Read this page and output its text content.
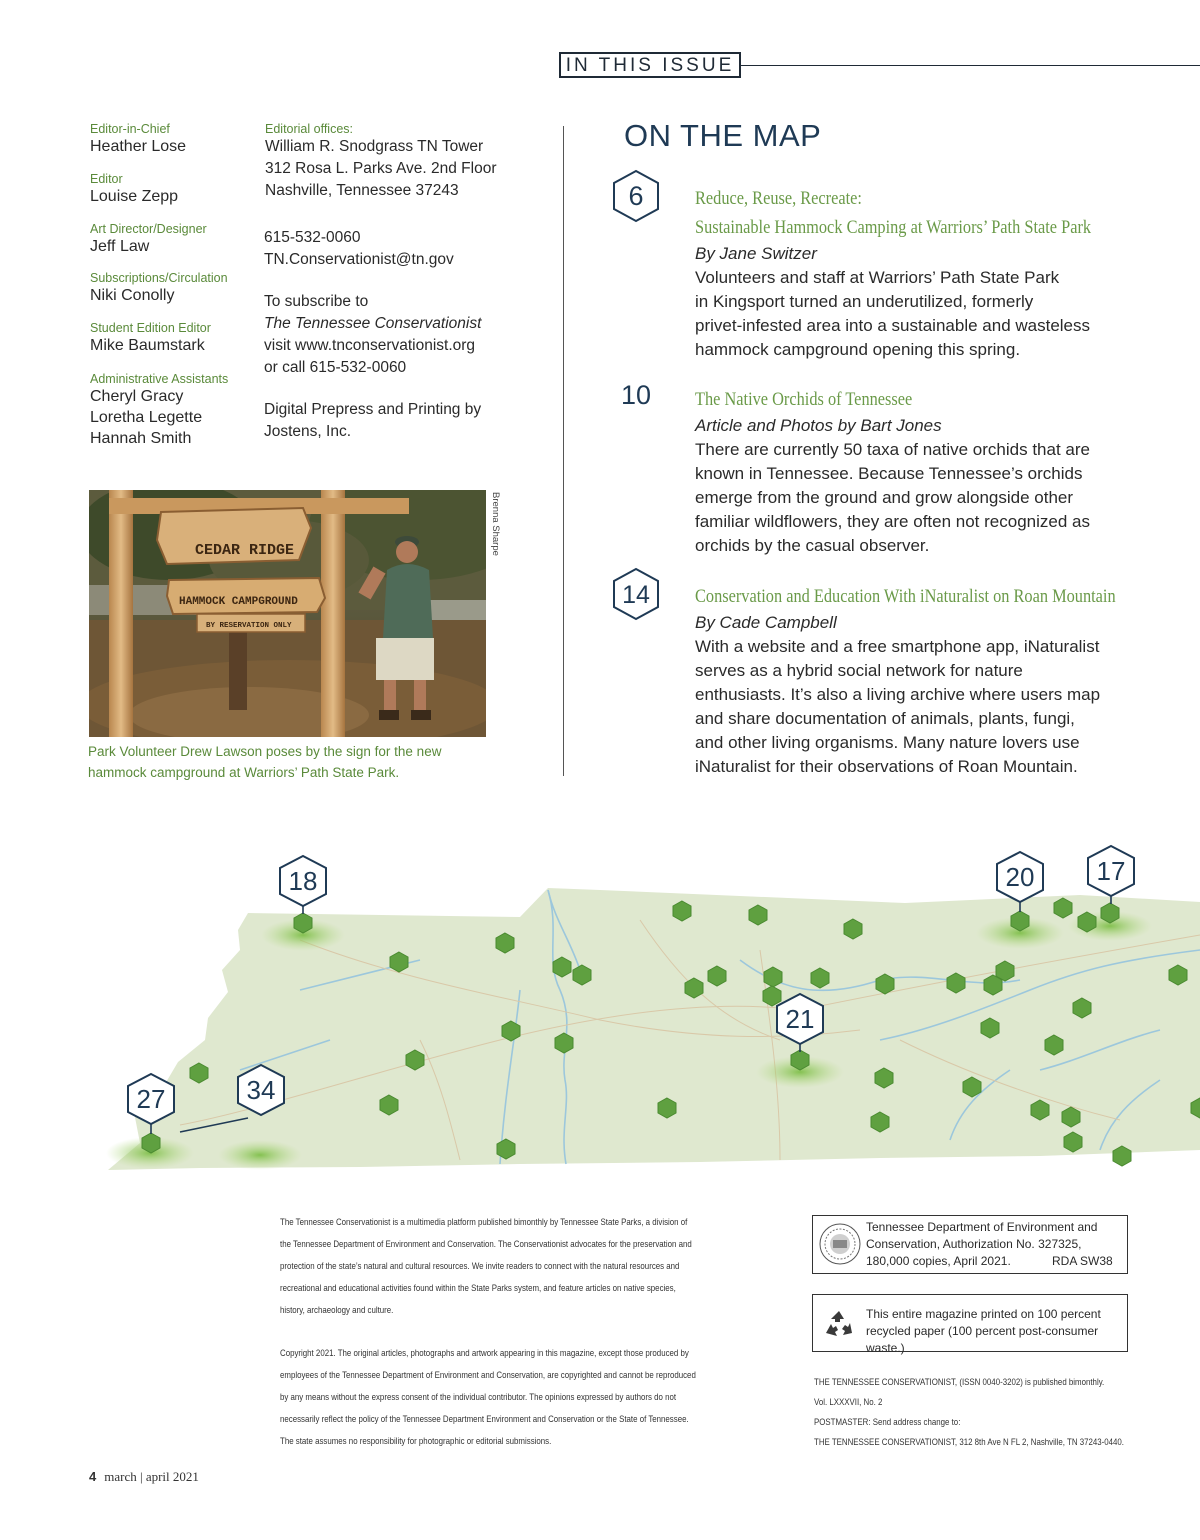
IN THIS ISSUE
Editor-in-Chief
Heather Lose
Editor
Louise Zepp
Art Director/Designer
Jeff Law
Subscriptions/Circulation
Niki Conolly
Student Edition Editor
Mike Baumstark
Administrative Assistants
Cheryl Gracy
Loretha Legette
Hannah Smith
Editorial offices:
William R. Snodgrass TN Tower
312 Rosa L. Parks Ave. 2nd Floor
Nashville, Tennessee 37243
615-532-0060
TN.Conservationist@tn.gov
To subscribe to
The Tennessee Conservationist
visit www.tnconservationist.org
or call 615-532-0060
Digital Prepress and Printing by
Jostens, Inc.
CEDAR RIDGE
HAMMOCK CAMPGROUND
BY RESERVATION ONLY
Brenna Sharpe
Park Volunteer Drew Lawson poses by the sign for the new
hammock campground at Warriors’ Path State Park.
ON THE MAP
6	Reduce, Reuse, Recreate:
Sustainable Hammock Camping at Warriors’ Path State Park
By Jane Switzer
Volunteers and staff at Warriors’ Path State Park
in Kingsport turned an underutilized, formerly
privet-infested area into a sustainable and wasteless
hammock campground opening this spring.
10 The Native Orchids of Tennessee
Article and Photos by Bart Jones
There are currently 50 taxa of native orchids that are
known in Tennessee. Because Tennessee’s orchids
emerge from the ground and grow alongside other
familiar wildflowers, they are often not recognized as
orchids by the casual observer.
14 Conservation and Education With iNaturalist on Roan Mountain
By Cade Campbell
With a website and a free smartphone app, iNaturalist
serves as a hybrid social network for nature
enthusiasts. It’s also a living archive where users map
and share documentation of animals, plants, fungi,
and other living organisms. Many nature lovers use
iNaturalist for their observations of Roan Mountain.
18	20 17
21
27	34
The Tennessee Conservationist is a multimedia platform published bimonthly by Tennessee State Parks, a division of
the Tennessee Department of Environment and Conservation. The Conservationist advocates for the preservation and
protection of the state’s natural and cultural resources. We invite readers to connect with the natural resources and
recreational and educational activities found within the State Parks system, and feature articles on native species,
history, archaeology and culture.
Copyright 2021. The original articles, photographs and artwork appearing in this magazine, except those produced by
employees of the Tennessee Department of Environment and Conservation, are copyrighted and cannot be reproduced
by any means without the express consent of the individual contributor. The opinions expressed by authors do not
necessarily reflect the policy of the Tennessee Department Environment and Conservation or the State of Tennessee.
The state assumes no responsibility for photographic or editorial submissions.
Tennessee Department of Environment and
Conservation, Authorization No. 327325,
180,000 copies, April 2021.	RDA SW38
This entire magazine printed on 100 percent
recycled paper (100 percent post-consumer waste.)
THE TENNESSEE CONSERVATIONIST, (ISSN 0040-3202) is published bimonthly.
Vol. LXXXVII, No. 2
POSTMASTER: Send address change to:
THE TENNESSEE CONSERVATIONIST, 312 8th Ave N FL 2, Nashville, TN 37243-0440.
4 march | april 2021
